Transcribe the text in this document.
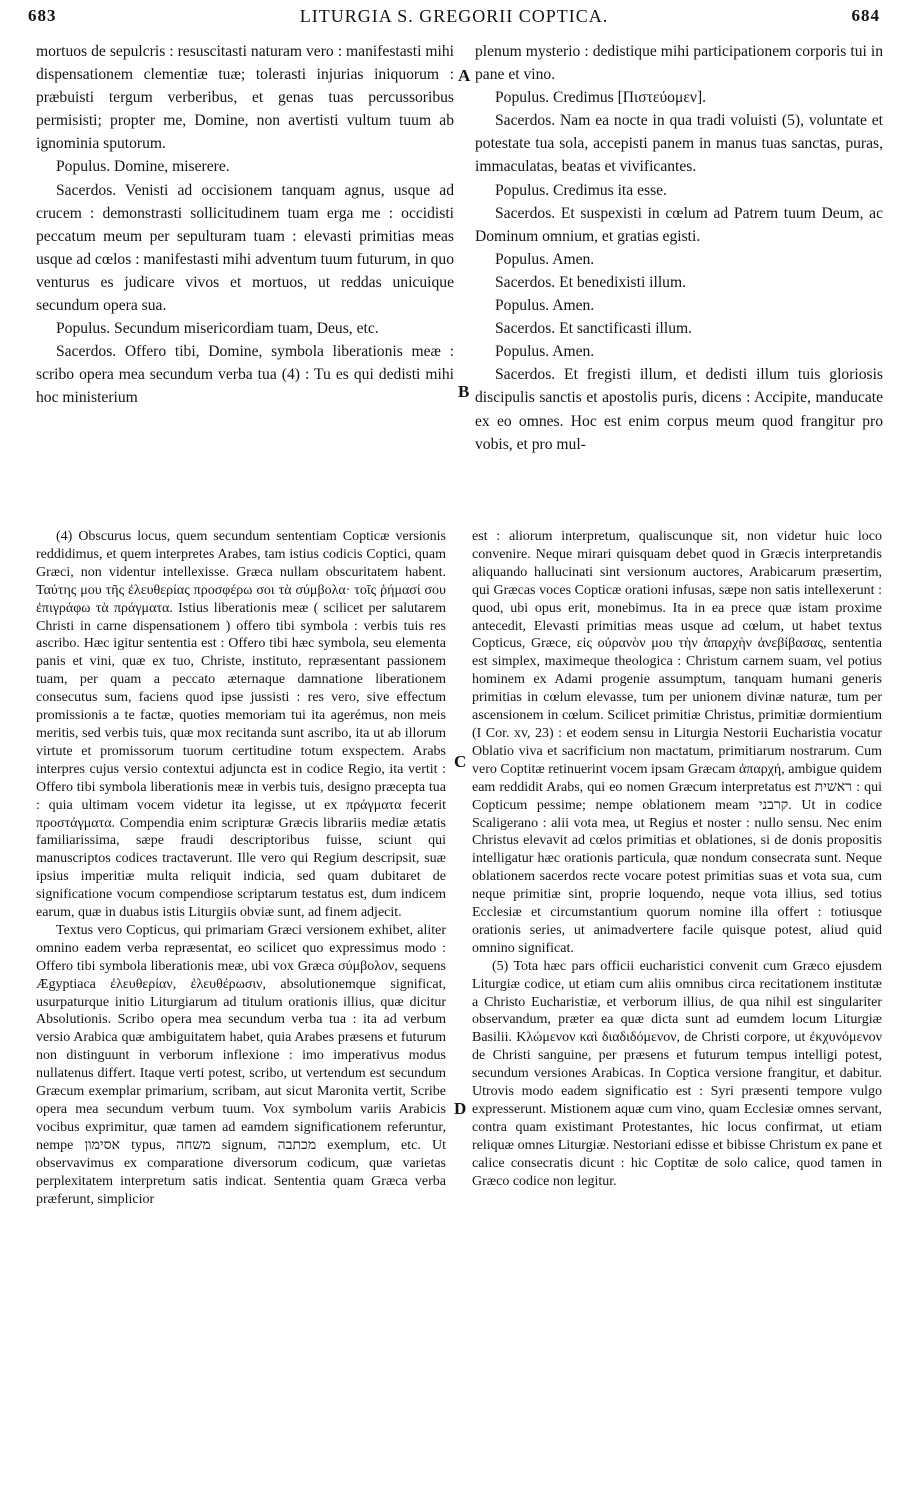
683	LITURGIA S. GREGORII COPTICA.	684

mortuos de sepulcris : resuscitasti naturam vero : manifestasti mihi dispensationem clementiæ tuæ; tolerasti injurias iniquorum : præbuisti tergum verberibus, et genas tuas percussoribus permisisti; propter me, Domine, non avertisti vultum tuum ab ignominia sputorum.

Populus. Domine, miserere.

Sacerdos. Venisti ad occisionem tanquam agnus, usque ad crucem : demonstrasti sollicitudinem tuam erga me : occidisti peccatum meum per sepulturam tuam : elevasti primitias meas usque ad cœlos : manifestasti mihi adventum tuum futurum, in quo venturus es judicare vivos et mortuos, ut reddas unicuique secundum opera sua.

Populus. Secundum misericordiam tuam, Deus, etc.

Sacerdos. Offero tibi, Domine, symbola liberationis meæ : scribo opera mea secundum verba tua (4) : Tu es qui dedisti mihi hoc ministerium

plenum mysterio : dedistique mihi participationem corporis tui in pane et vino.

Populus. Credimus [Πιστεύομεν].

Sacerdos. Nam ea nocte in qua tradi voluisti (5), voluntate et potestate tua sola, accepisti panem in manus tuas sanctas, puras, immaculatas, beatas et vivificantes.

Populus. Credimus ita esse.

Sacerdos. Et suspexisti in cœlum ad Patrem tuum Deum, ac Dominum omnium, et gratias egisti.

Populus. Amen.

Sacerdos. Et benedixisti illum.

Populus. Amen.

Sacerdos. Et sanctificasti illum.

Populus. Amen.

Sacerdos. Et fregisti illum, et dedisti illum tuis gloriosis discipulis sanctis et apostolis puris, dicens : Accipite, manducate ex eo omnes. Hoc est enim corpus meum quod frangitur pro vobis, et pro mul-

A
B
C
D

(4) Obscurus locus, quem secundum sententiam Copticæ versionis reddidimus, et quem interpretes Arabes, tam istius codicis Coptici, quam Græci, non videntur intellexisse. Græca nullam obscuritatem habent. Ταύτης μου τῆς ἐλευθερίας προσφέρω σοι τὰ σύμβολα· τοῖς ῥήμασί σου ἐπιγράφω τὰ πράγματα. Istius liberationis meæ ( scilicet per salutarem Christi in carne dispensationem ) offero tibi symbola : verbis tuis res ascribo. Hæc igitur sententia est : Offero tibi hæc symbola, seu elementa panis et vini, quæ ex tuo, Christe, instituto, repræsentant passionem tuam, per quam a peccato æternaque damnatione liberationem consecutus sum, faciens quod ipse jussisti : res vero, sive effectum promissionis a te factæ, quoties memoriam tui ita agerémus, non meis meritis, sed verbis tuis, quæ mox recitanda sunt ascribo, ita ut ab illorum virtute et promissorum tuorum certitudine totum exspectem. Arabs interpres cujus versio contextui adjuncta est in codice Regio, ita vertit : Offero tibi symbola liberationis meæ in verbis tuis, designo præcepta tua : quia ultimam vocem videtur ita legisse, ut ex πράγματα fecerit προστάγματα. Compendia enim scripturæ Græcis librariis mediæ ætatis familiarissima, sæpe fraudi descriptoribus fuisse, sciunt qui manuscriptos codices tractaverunt. Ille vero qui Regium descripsit, suæ ipsius imperitiæ multa reliquit indicia, sed quam dubitaret de significatione vocum compendiose scriptarum testatus est, dum indicem earum, quæ in duabus istis Liturgiis obviæ sunt, ad finem adjecit.

Textus vero Copticus, qui primariam Græci versionem exhibet, aliter omnino eadem verba repræsentat, eo scilicet quo expressimus modo : Offero tibi symbola liberationis meæ, ubi vox Græca σύμβολον, sequens Ægyptiaca ἐλευθερίαν, ἐλευθέρωσιν, absolutionemque significat, usurpaturque initio Liturgiarum ad titulum orationis illius, quæ dicitur Absolutionis. Scribo opera mea secundum verba tua : ita ad verbum versio Arabica quæ ambiguitatem habet, quia Arabes præsens et futurum non distinguunt in verborum inflexione : imo imperativus modus nullatenus differt. Itaque verti potest, scribo, ut vertendum est secundum Græcum exemplar primarium, scribam, aut sicut Maronita vertit, Scribe opera mea secundum verbum tuum. Vox symbolum variis Arabicis vocibus exprimitur, quæ tamen ad eamdem significationem referuntur, nempe אסימון typus, משחה signum, מכתבה exemplum, etc. Ut observavimus ex comparatione diversorum codicum, quæ varietas perplexitatem interpretum satis indicat. Sententia quam Græca verba præferunt, simplicior

est : aliorum interpretum, qualiscunque sit, non videtur huic loco convenire. Neque mirari quisquam debet quod in Græcis interpretandis aliquando hallucinati sint versionum auctores, Arabicarum præsertim, qui Græcas voces Copticæ orationi infusas, sæpe non satis intellexerunt : quod, ubi opus erit, monebimus. Ita in ea prece quæ istam proxime antecedit, Elevasti primitias meas usque ad cœlum, ut habet textus Copticus, Græce, εἰς οὐρανὸν μου τὴν ἀπαρχὴν ἀνεβίβασας, sententia est simplex, maximeque theologica : Christum carnem suam, vel potius hominem ex Adami progenie assumptum, tanquam humani generis primitias in cœlum elevasse, tum per unionem divinæ naturæ, tum per ascensionem in cœlum. Scilicet primitiæ Christus, primitiæ dormientium (I Cor. xv, 23) : et eodem sensu in Liturgia Nestorii Eucharistia vocatur Oblatio viva et sacrificium non mactatum, primitiarum nostrarum. Cum vero Coptitæ retinuerint vocem ipsam Græcam ἀπαρχή, ambigue quidem eam reddidit Arabs, qui eo nomen Græcum interpretatus est ראשית : qui Copticum pessime; nempe oblationem meam קרבני. Ut in codice Scaligerano : alii vota mea, ut Regius et noster : nullo sensu. Nec enim Christus elevavit ad cœlos primitias et oblationes, si de donis propositis intelligatur hæc orationis particula, quæ nondum consecrata sunt. Neque oblationem sacerdos recte vocare potest primitias suas et vota sua, cum neque primitiæ sint, proprie loquendo, neque vota illius, sed totius Ecclesiæ et circumstantium quorum nomine illa offert : totiusque orationis series, ut animadvertere facile quisque potest, aliud quid omnino significat.

(5) Tota hæc pars officii eucharistici convenit cum Græco ejusdem Liturgiæ codice, ut etiam cum aliis omnibus circa recitationem institutæ a Christo Eucharistiæ, et verborum illius, de qua nihil est singulariter observandum, præter ea quæ dicta sunt ad eumdem locum Liturgiæ Basilii. Κλώμενον καὶ διαδιδόμενον, de Christi corpore, ut ἐκχυνόμενον de Christi sanguine, per præsens et futurum tempus intelligi potest, secundum versiones Arabicas. In Coptica versione frangitur, et dabitur. Utrovis modo eadem significatio est : Syri præsenti tempore vulgo expresserunt. Mistionem aquæ cum vino, quam Ecclesiæ omnes servant, contra quam existimant Protestantes, hic locus confirmat, ut etiam reliquæ omnes Liturgiæ. Nestoriani edisse et bibisse Christum ex pane et calice consecratis dicunt : hic Coptitæ de solo calice, quod tamen in Græco codice non legitur.
